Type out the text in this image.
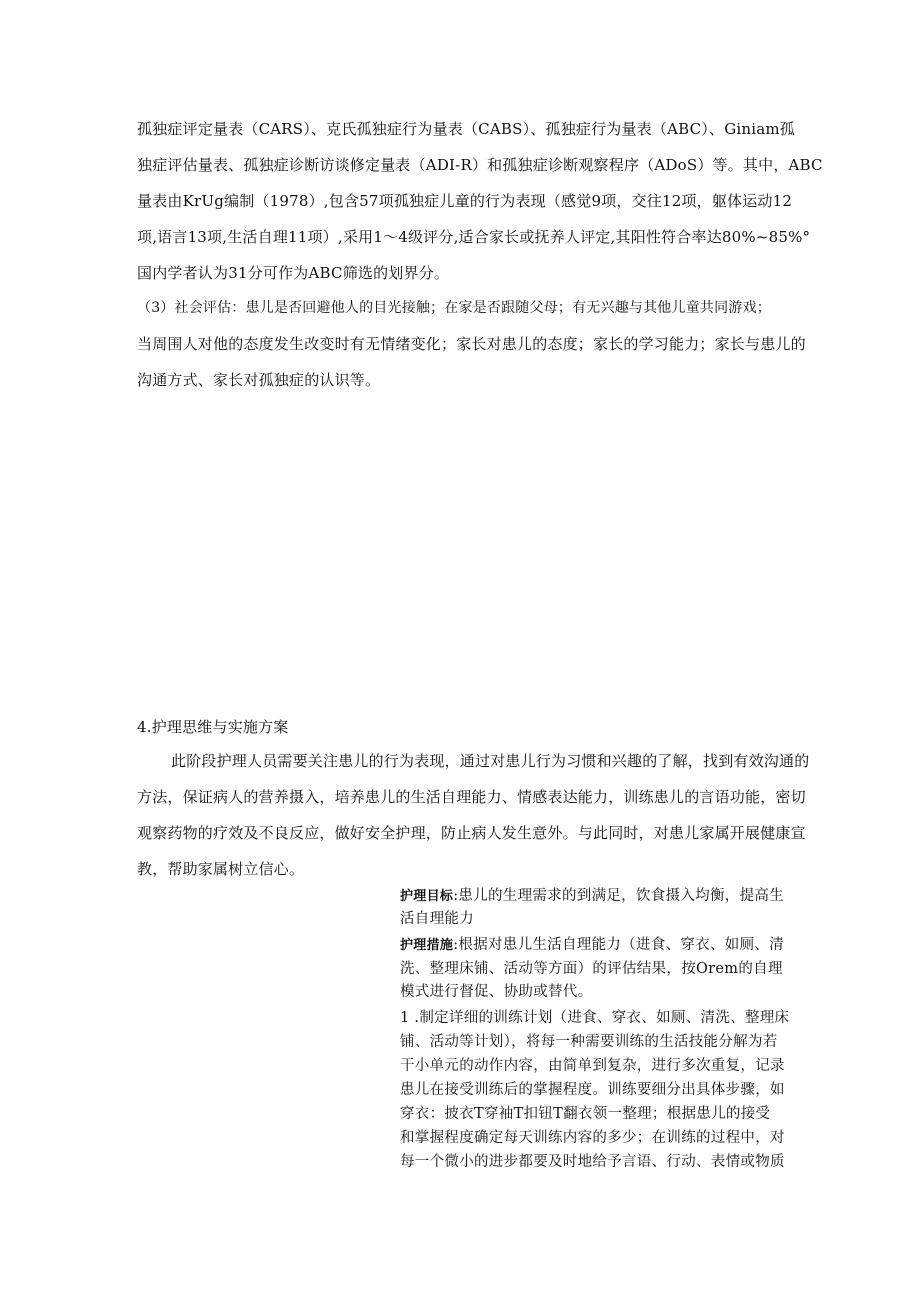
孤独症评定量表（CARS）、克氏孤独症行为量表（CABS）、孤独症行为量表（ABC）、Giniam孤
独症评估量表、孤独症诊断访谈修定量表（ADI-R）和孤独症诊断观察程序（ADoS）等。其中，ABC
量表由KrUg编制（1978）,包含57项孤独症儿童的行为表现（感觉9项，交往12项，躯体运动12
项,语言13项,生活自理11项）,采用1～4级评分,适合家长或抚养人评定,其阳性符合率达80%~85%°
国内学者认为31分可作为ABC筛选的划界分。
（3）社会评估：患儿是否回避他人的目光接触；在家是否跟随父母；有无兴趣与其他儿童共同游戏；
当周围人对他的态度发生改变时有无情绪变化；家长对患儿的态度；家长的学习能力；家长与患儿的
沟通方式、家长对孤独症的认识等。
4.护理思维与实施方案
此阶段护理人员需要关注患儿的行为表现，通过对患儿行为习惯和兴趣的了解，找到有效沟通的
方法，保证病人的营养摄入，培养患儿的生活自理能力、情感表达能力，训练患儿的言语功能，密切
观察药物的疗效及不良反应，做好安全护理，防止病人发生意外。与此同时，对患儿家属开展健康宣
教，帮助家属树立信心。
护理目标:患儿的生理需求的到满足，饮食摄入均衡，提高生
活自理能力
护理措施:根据对患儿生活自理能力（进食、穿衣、如厕、清
洗、整理床铺、活动等方面）的评估结果，按Orem的自理
模式进行督促、协助或替代。
1 .制定详细的训练计划（进食、穿衣、如厕、清洗、整理床
铺、活动等计划），将每一种需要训练的生活技能分解为若
干小单元的动作内容，由简单到复杂，进行多次重复，记录
患儿在接受训练后的掌握程度。训练要细分出具体步骤，如
穿衣：披衣T穿袖T扣钮T翻衣领一整理；根据患儿的接受
和掌握程度确定每天训练内容的多少；在训练的过程中，对
每一个微小的进步都要及时地给予言语、行动、表情或物质
